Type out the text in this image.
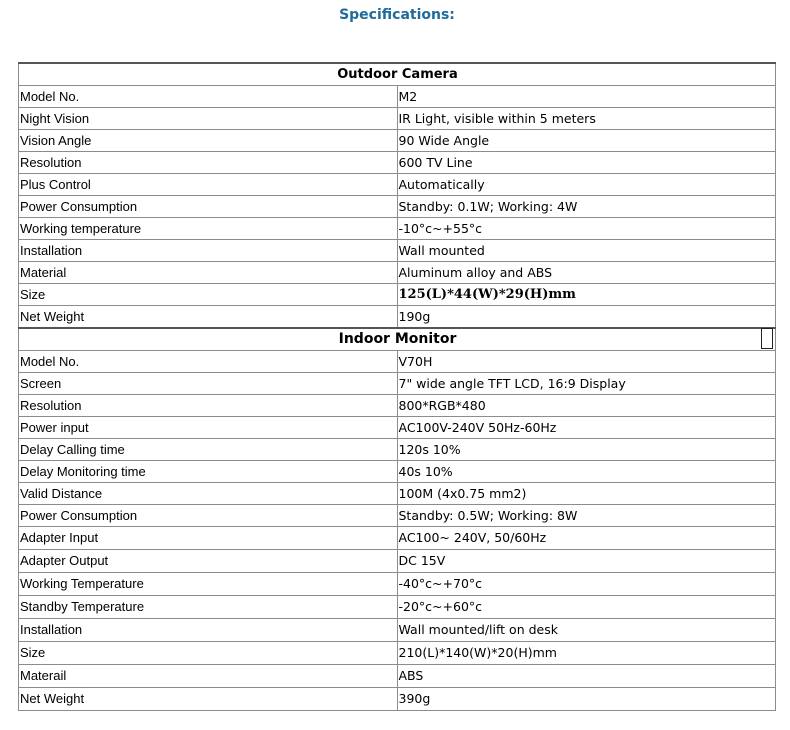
Specifications:
Outdoor Camera	
Model No.	M2
Night Vision	IR Light, visible within 5 meters
Vision Angle	90 Wide Angle
Resolution	600 TV Line
Plus Control	Automatically
Power Consumption	Standby: 0.1W; Working: 4W
Working temperature	-10°c~+55°c
Installation	Wall mounted
Material	Aluminum alloy and ABS
Size	125(L)*44(W)*29(H)mm
Net Weight	190g
Indoor Monitor	
Model No.	V70H
Screen	7" wide angle TFT LCD, 16:9 Display
Resolution	800*RGB*480
Power input	AC100V-240V 50Hz-60Hz
Delay Calling time	120s 10%
Delay Monitoring time	40s 10%
Valid Distance	100M (4x0.75 mm2)
Power Consumption	Standby: 0.5W; Working: 8W
Adapter Input	AC100~ 240V, 50/60Hz
Adapter Output	DC 15V
Working Temperature	-40°c~+70°c
Standby Temperature	-20°c~+60°c
Installation	Wall mounted/lift on desk
Size	210(L)*140(W)*20(H)mm
Materail	ABS
Net Weight	390g
